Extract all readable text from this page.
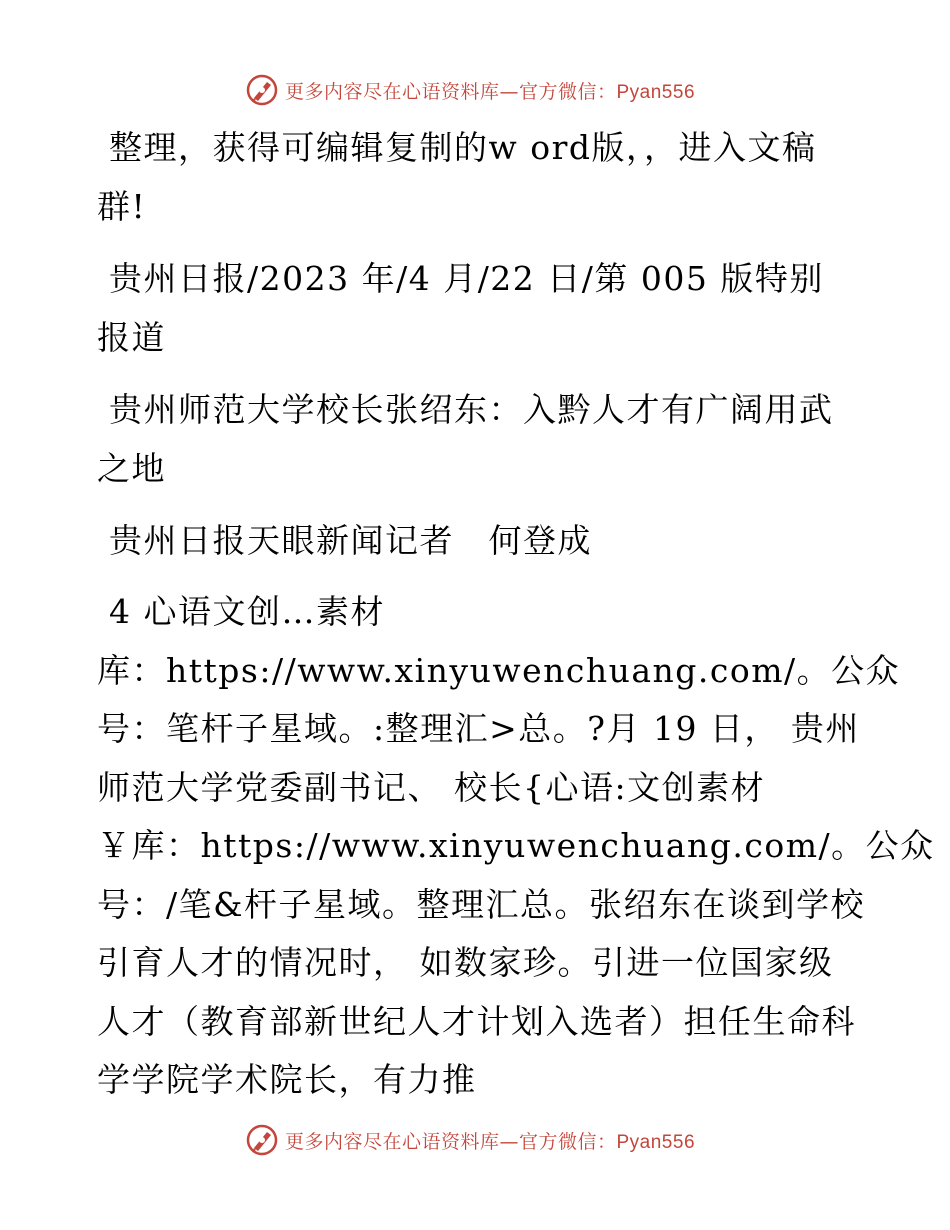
更多内容尽在心语资料库—官方微信：Pyan556

整理，获得可编辑复制的w ord版，，进入文稿群!

贵州日报/2023 年/4 月/22 日/第 005 版特别报道

贵州师范大学校长张绍东：入黔人才有广阔用武之地

贵州日报天眼新闻记者　何登成

4 心语文创…素材
库：https://www.xinyuwenchuang.com/。公众
号：笔杆子星域。:整理汇>总。?月 19 日， 贵州
师范大学党委副书记、 校长{心语:文创素材
￥库：https://www.xinyuwenchuang.com/。公众
号：/笔&杆子星域。整理汇总。张绍东在谈到学校
引育人才的情况时， 如数家珍。引进一位国家级
人才（教育部新世纪人才计划入选者）担任生命科
学学院学术院长，有力推
更多内容尽在心语资料库—官方微信：Pyan556
